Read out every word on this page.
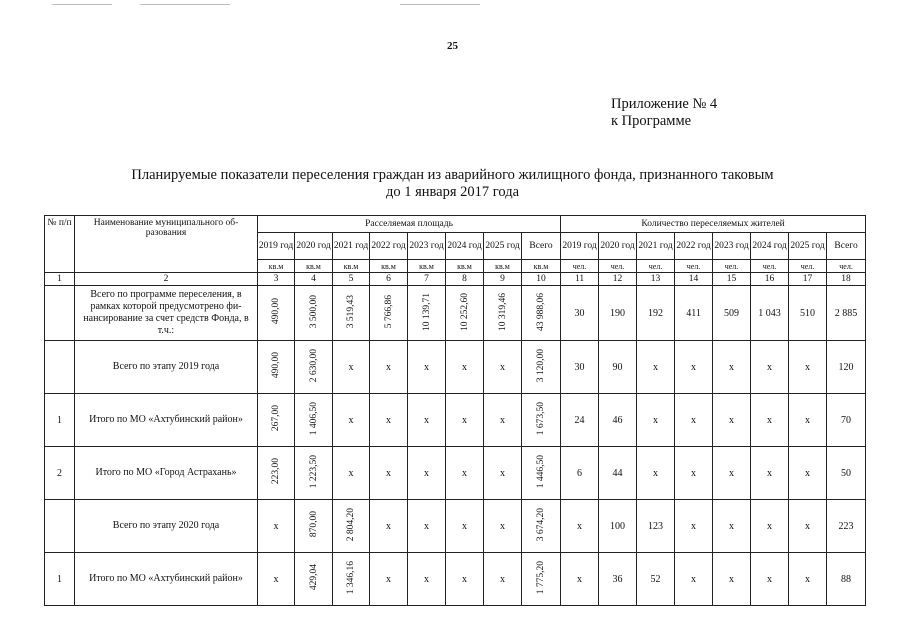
25
Приложение № 4
к Программе
Планируемые показатели переселения граждан из аварийного жилищного фонда, признанного таковым
до 1 января 2017 года
№ п/п	Наименование муниципального об-разования	Расселяемая площадь								Количество переселяемых жителей							
		2019 год	2020 год	2021 год	2022 год	2023 год	2024 год	2025 год	Всего	2019 год	2020 год	2021 год	2022 год	2023 год	2024 год	2025 год	Всего
		кв.м	кв.м	кв.м	кв.м	кв.м	кв.м	кв.м	кв.м	чел.	чел.	чел.	чел.	чел.	чел.	чел.	чел.
1	2	3	4	5	6	7	8	9	10	11	12	13	14	15	16	17	18
	Всего по программе переселения, в рамках которой предусмотрено фи-нансирование за счет средств Фонда, в т.ч.:	490,00	3 500,00	3 519,43	5 766,86	10 139,71	10 252,60	10 319,46	43 988,06	30	190	192	411	509	1 043	510	2 885
	Всего по этапу 2019 года	490,00	2 630,00	х	х	х	х	х	3 120,00	30	90	х	х	х	х	х	120
1	Итого по МО «Ахтубинский район»	267,00	1 406,50	х	х	х	х	х	1 673,50	24	46	х	х	х	х	х	70
2	Итого по МО «Город Астрахань»	223,00	1 223,50	х	х	х	х	х	1 446,50	6	44	х	х	х	х	х	50
	Всего по этапу 2020 года	х	870,00	2 804,20	х	х	х	х	3 674,20	х	100	123	х	х	х	х	223
1	Итого по МО «Ахтубинский район»	х	429,04	1 346,16	х	х	х	х	1 775,20	х	36	52	х	х	х	х	88
